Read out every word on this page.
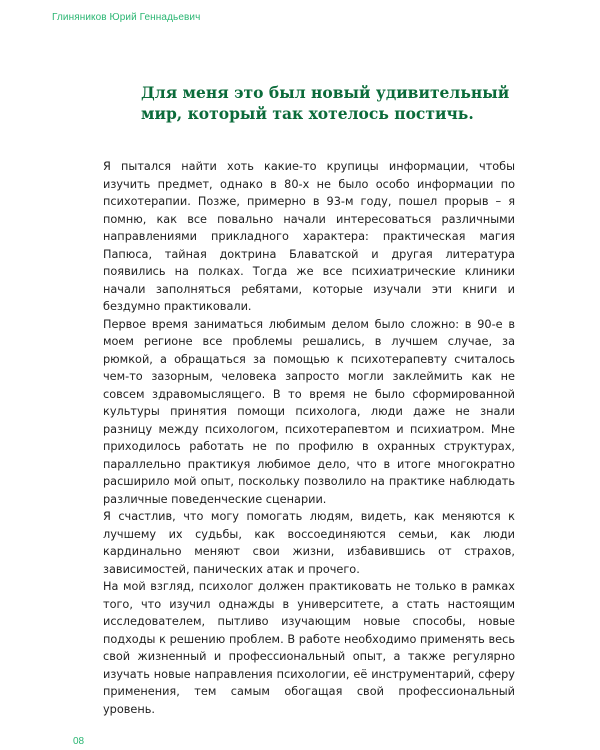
Глиняников Юрий Геннадьевич

Для меня это был новый удивительный мир, который так хотелось постичь.

Я пытался найти хоть какие-то крупицы информации, чтобы изучить предмет, однако в 80-х не было особо информации по психотерапии. Позже, примерно в 93-м году, пошел прорыв – я помню, как все повально начали интересоваться различными направлениями прикладного характера: практическая магия Папюса, тайная доктрина Блаватской и другая литература появились на полках. Тогда же все психиатрические клиники начали заполняться ребятами, которые изучали эти книги и бездумно практиковали.

Первое время заниматься любимым делом было сложно: в 90-е в моем регионе все проблемы решались, в лучшем случае, за рюмкой, а обращаться за помощью к психотерапевту считалось чем-то зазорным, человека запросто могли заклеймить как не совсем здравомыслящего. В то время не было сформированной культуры принятия помощи психолога, люди даже не знали разницу между психологом, психотерапевтом и психиатром. Мне приходилось работать не по профилю в охранных структурах, параллельно практикуя любимое дело, что в итоге многократно расширило мой опыт, поскольку позволило на практике наблюдать различные поведенческие сценарии.

Я счастлив, что могу помогать людям, видеть, как меняются к лучшему их судьбы, как воссоединяются семьи, как люди кардинально меняют свои жизни, избавившись от страхов, зависимостей, панических атак и прочего.

На мой взгляд, психолог должен практиковать не только в рамках того, что изучил однажды в университете, а стать настоящим исследователем, пытливо изучающим новые способы, новые подходы к решению проблем. В работе необходимо применять весь свой жизненный и профессиональный опыт, а также регулярно изучать новые направления психологии, её инструментарий, сферу применения, тем самым обогащая свой профессиональный уровень.

08
